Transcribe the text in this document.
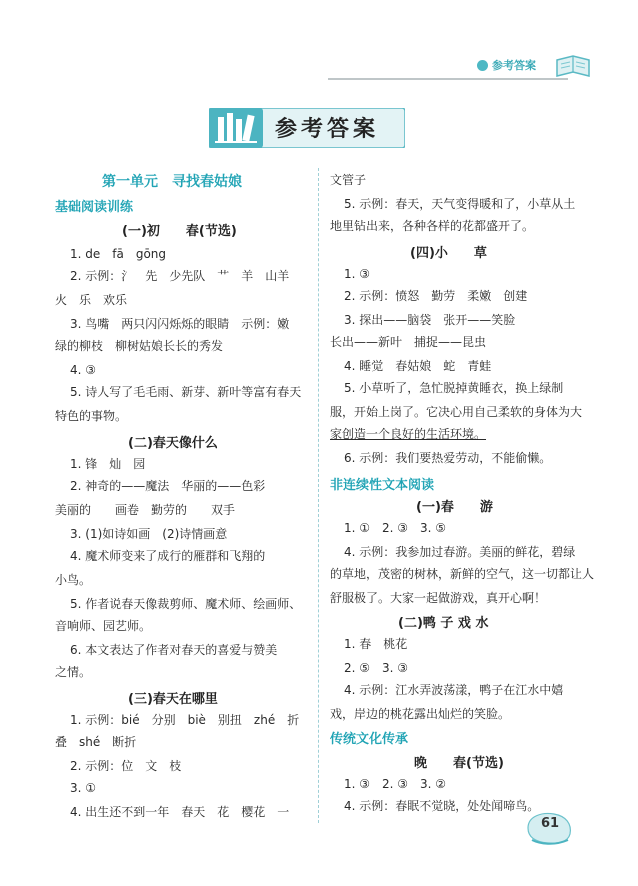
参考答案
参考答案
第一单元　寻找春姑娘
基础阅读训练
(一)初　　春(节选)
1. de　fā　gōng
2. 示例：氵　先　少先队　艹　羊　山羊
火　乐　欢乐
3. 鸟嘴　两只闪闪烁烁的眼睛　示例：嫩
绿的柳枝　柳树姑娘长长的秀发
4. ③
5. 诗人写了毛毛雨、新芽、新叶等富有春天
特色的事物。
(二)春天像什么
1. 锋　灿　园
2. 神奇的——魔法　华丽的——色彩
美丽的　　画卷　勤劳的　　双手
3. (1)如诗如画　(2)诗情画意
4. 魔术师变来了成行的雁群和飞翔的
小鸟。
5. 作者说春天像裁剪师、魔术师、绘画师、
音响师、园艺师。
6. 本文表达了作者对春天的喜爱与赞美
之情。
(三)春天在哪里
1. 示例：bié　分别　biè　别扭　zhé　折
叠　shé　断折
2. 示例：位　文　枝
3. ①
4. 出生还不到一年　春天　花　樱花　一
文管子
5. 示例：春天，天气变得暖和了，小草从土
地里钻出来，各种各样的花都盛开了。
(四)小　　草
1. ③
2. 示例：愤怒　勤劳　柔嫩　创建
3. 探出——脑袋　张开——笑脸
长出——新叶　捕捉——昆虫
4. 睡觉　春姑娘　蛇　青蛙
5. 小草听了，急忙脱掉黄睡衣，换上绿制
服，开始上岗了。它决心用自己柔软的身体为大
家创造一个良好的生活环境。
6. 示例：我们要热爱劳动，不能偷懒。
非连续性文本阅读
(一)春　　游
1. ①　2. ③　3. ⑤
4. 示例：我参加过春游。美丽的鲜花，碧绿
的草地，茂密的树林，新鲜的空气，这一切都让人
舒服极了。大家一起做游戏，真开心啊！
(二)鸭 子 戏 水
1. 春　桃花
2. ⑤　3. ③
4. 示例：江水弄波荡漾，鸭子在江水中嬉
戏，岸边的桃花露出灿烂的笑脸。
传统文化传承
晚　　春(节选)
1. ③　2. ③　3. ②
4. 示例：春眠不觉晓，处处闻啼鸟。
61
